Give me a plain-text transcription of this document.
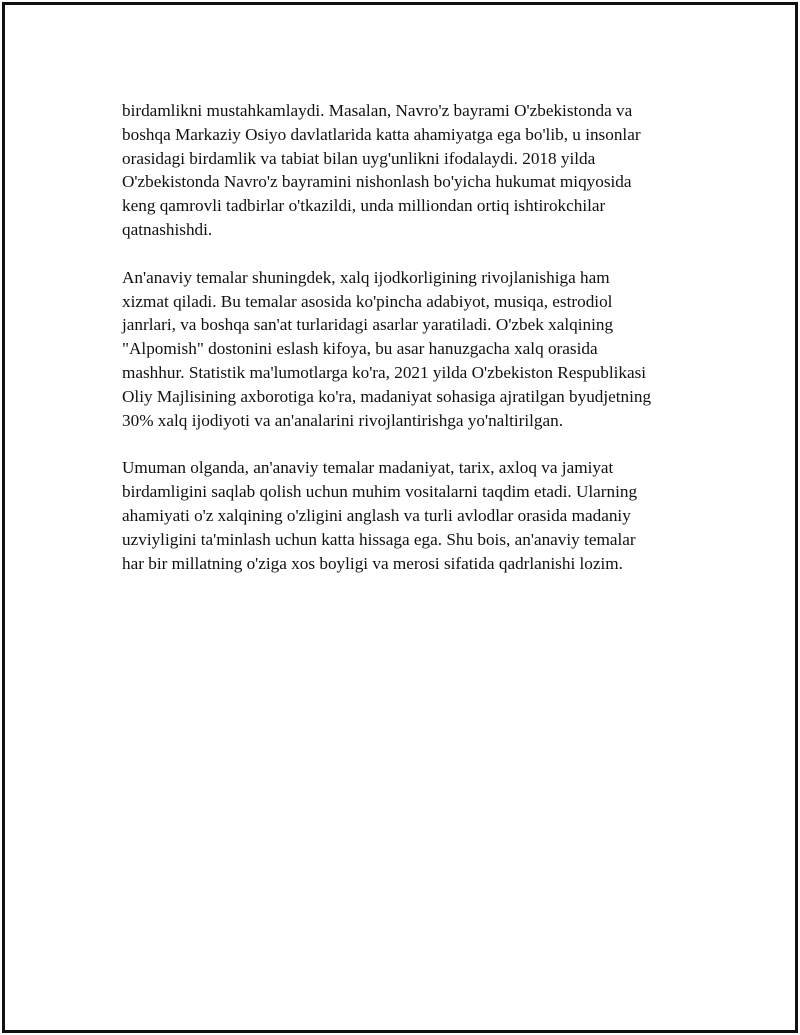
birdamlikni mustahkamlaydi. Masalan, Navro'z bayrami O'zbekistonda va
boshqa Markaziy Osiyo davlatlarida katta ahamiyatga ega bo'lib, u insonlar
orasidagi birdamlik va tabiat bilan uyg'unlikni ifodalaydi. 2018 yilda
O'zbekistonda Navro'z bayramini nishonlash bo'yicha hukumat miqyosida
keng qamrovli tadbirlar o'tkazildi, unda milliondan ortiq ishtirokchilar
qatnashishdi.

An'anaviy temalar shuningdek, xalq ijodkorligining rivojlanishiga ham
xizmat qiladi. Bu temalar asosida ko'pincha adabiyot, musiqa, estrodiol
janrlari, va boshqa san'at turlaridagi asarlar yaratiladi. O'zbek xalqining
"Alpomish" dostonini eslash kifoya, bu asar hanuzgacha xalq orasida
mashhur. Statistik ma'lumotlarga ko'ra, 2021 yilda O'zbekiston Respublikasi
Oliy Majlisining axborotiga ko'ra, madaniyat sohasiga ajratilgan byudjetning
30% xalq ijodiyoti va an'analarini rivojlantirishga yo'naltirilgan.

Umuman olganda, an'anaviy temalar madaniyat, tarix, axloq va jamiyat
birdamligini saqlab qolish uchun muhim vositalarni taqdim etadi. Ularning
ahamiyati o'z xalqining o'zligini anglash va turli avlodlar orasida madaniy
uzviyligini ta'minlash uchun katta hissaga ega. Shu bois, an'anaviy temalar
har bir millatning o'ziga xos boyligi va merosi sifatida qadrlanishi lozim.
